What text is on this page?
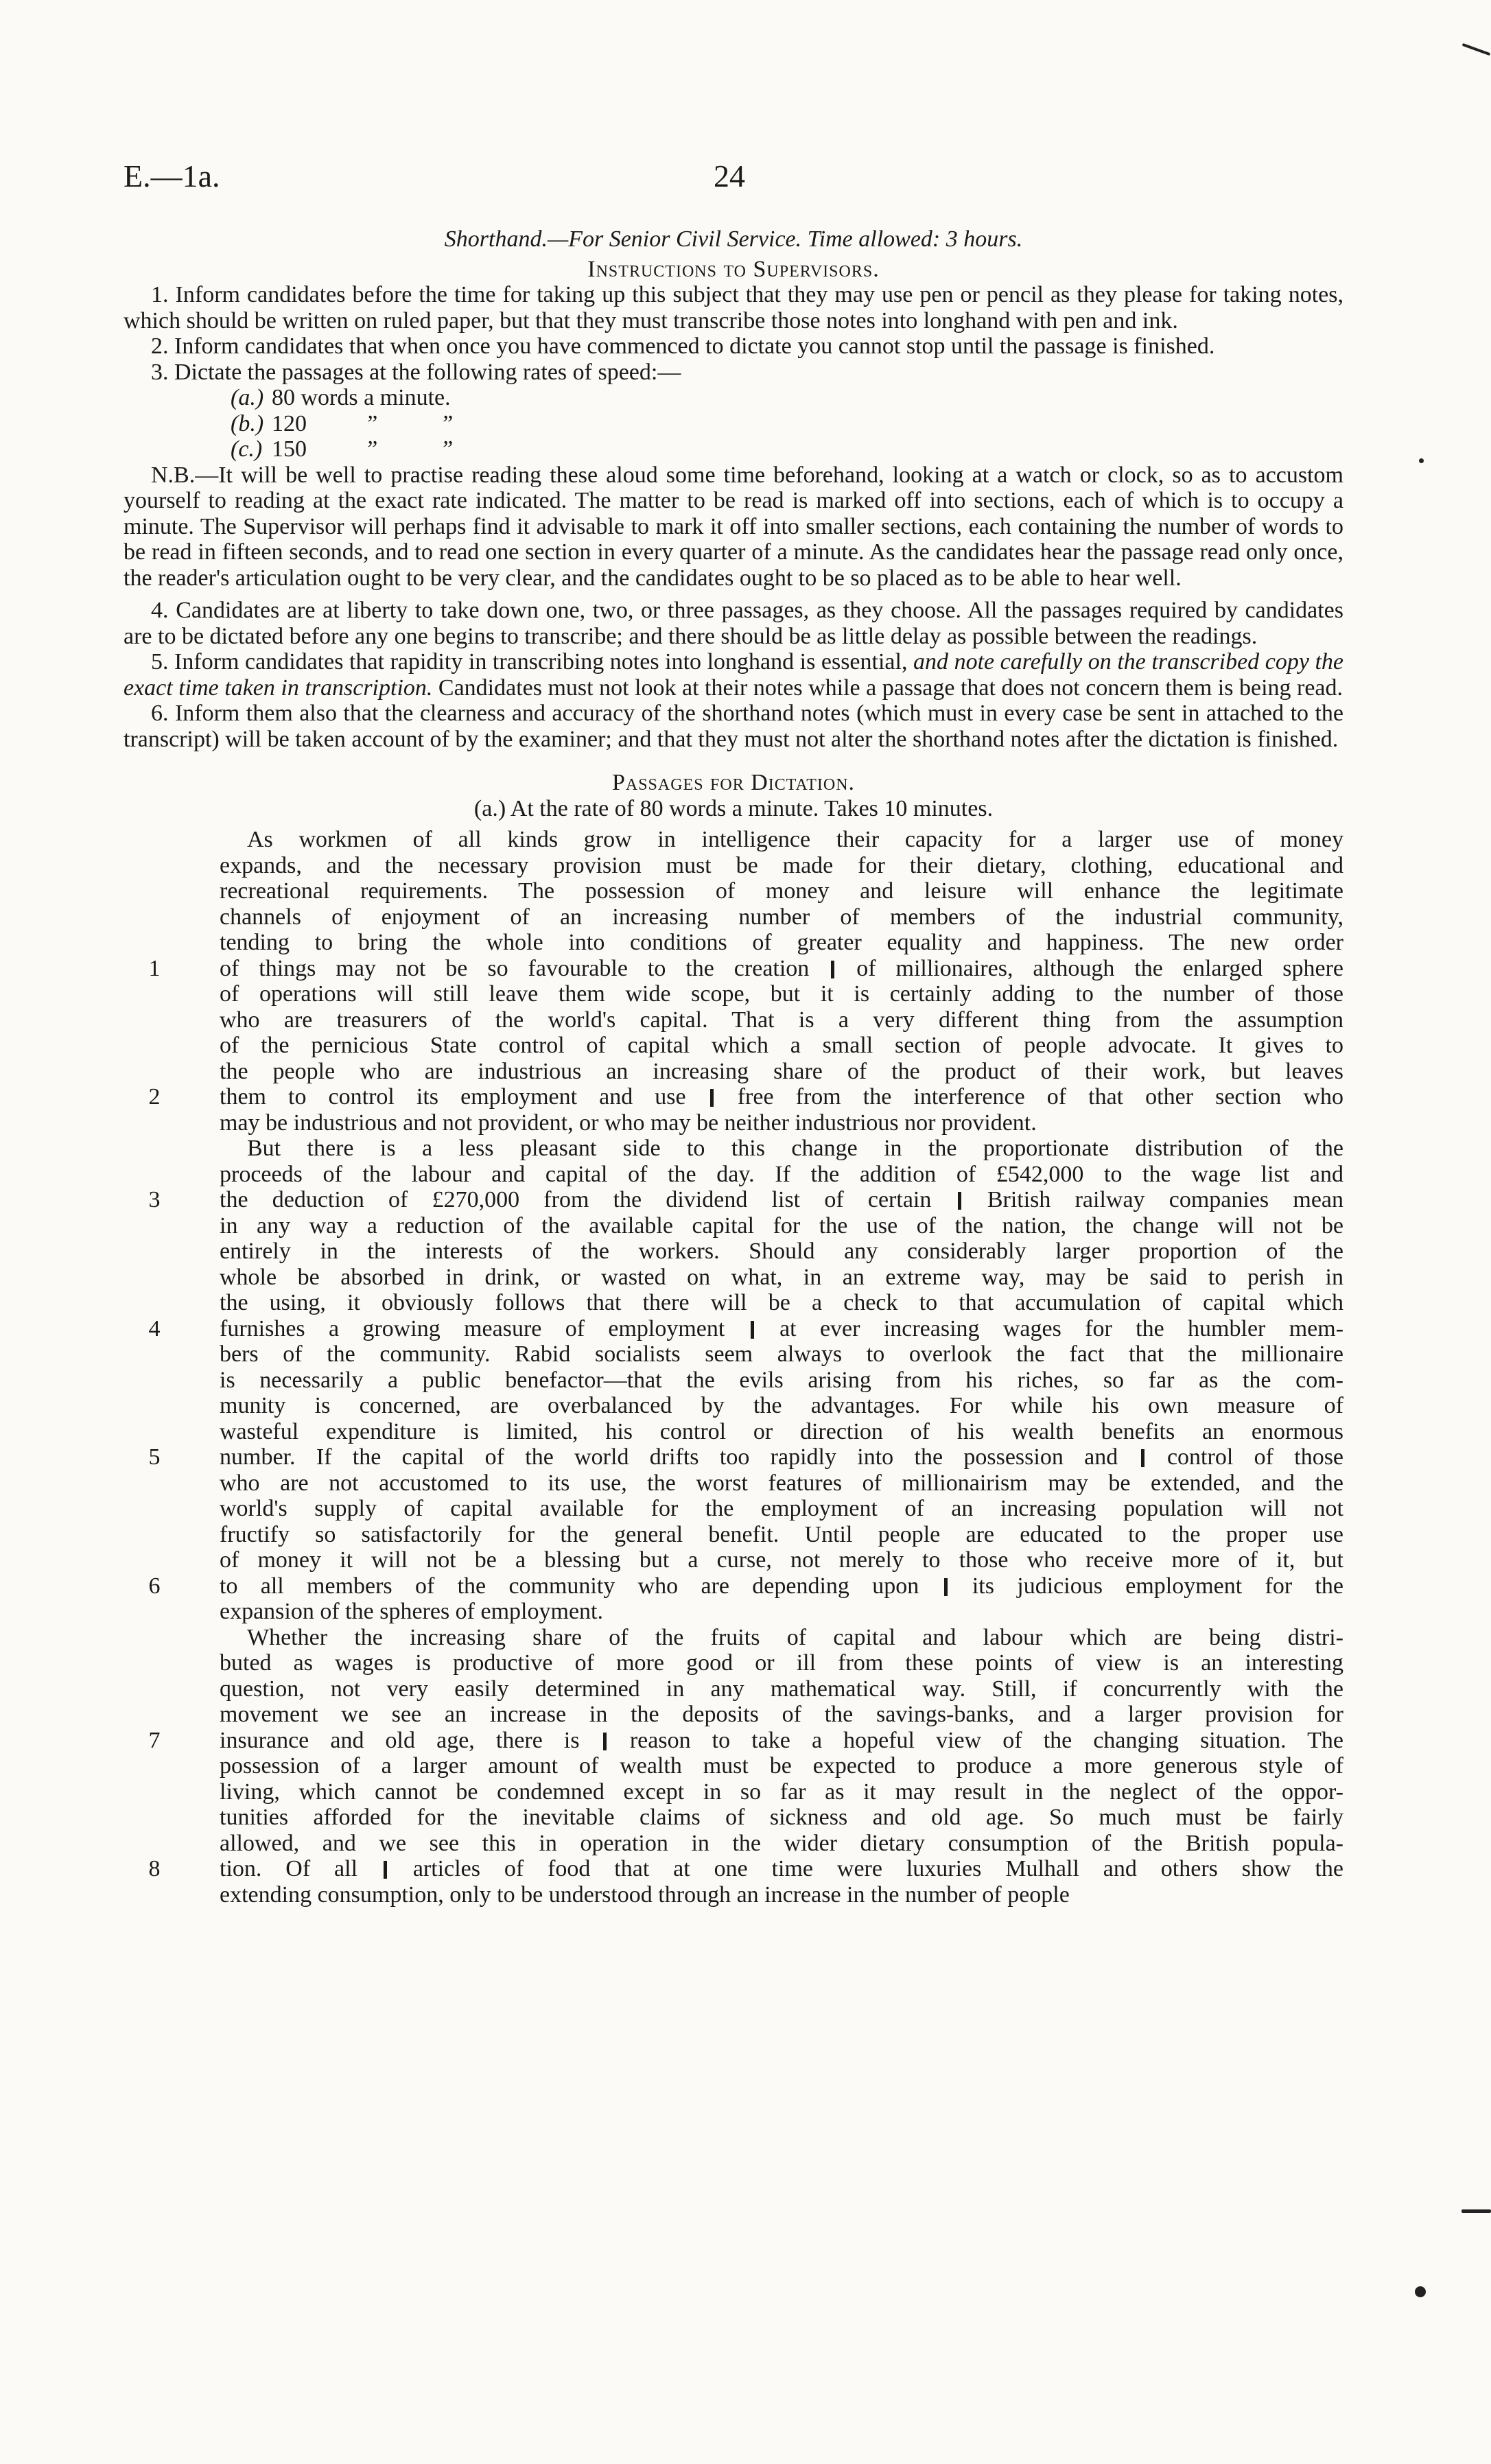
E.—1a.	24
Shorthand.—For Senior Civil Service. Time allowed: 3 hours.
Instructions to Supervisors.

1. Inform candidates before the time for taking up this subject that they may use pen or pencil as they please for taking notes, which should be written on ruled paper, but that they must transcribe those notes into longhand with pen and ink.

2. Inform candidates that when once you have commenced to dictate you cannot stop until the passage is finished.

3. Dictate the passages at the following rates of speed:—

(a.) 80 words a minute.
(b.) 120	”	”
(c.) 150	”	”

N.B.—It will be well to practise reading these aloud some time beforehand, looking at a watch or clock, so as to accustom yourself to reading at the exact rate indicated. The matter to be read is marked off into sections, each of which is to occupy a minute. The Supervisor will perhaps find it advisable to mark it off into smaller sections, each containing the number of words to be read in fifteen seconds, and to read one section in every quarter of a minute. As the candidates hear the passage read only once, the reader's articulation ought to be very clear, and the candidates ought to be so placed as to be able to hear well.

4. Candidates are at liberty to take down one, two, or three passages, as they choose. All the passages required by candidates are to be dictated before any one begins to transcribe; and there should be as little delay as possible between the readings.

5. Inform candidates that rapidity in transcribing notes into longhand is essential, and note carefully on the transcribed copy the exact time taken in transcription. Candidates must not look at their notes while a passage that does not concern them is being read.

6. Inform them also that the clearness and accuracy of the shorthand notes (which must in every case be sent in attached to the transcript) will be taken account of by the examiner; and that they must not alter the shorthand notes after the dictation is finished.

Passages for Dictation.
(a.) At the rate of 80 words a minute. Takes 10 minutes.
As workmen of all kinds grow in intelligence their capacity for a larger use of money
expands, and the necessary provision must be made for their dietary, clothing, educational and
recreational requirements. The possession of money and leisure will enhance the legitimate
channels of enjoyment of an increasing number of members of the industrial community,
tending to bring the whole into conditions of greater equality and happiness. The new order
1	of things may not be so favourable to the creation of millionaires, although the enlarged sphere
of operations will still leave them wide scope, but it is certainly adding to the number of those
who are treasurers of the world's capital. That is a very different thing from the assumption
of the pernicious State control of capital which a small section of people advocate. It gives to
the people who are industrious an increasing share of the product of their work, but leaves
2	them to control its employment and use free from the interference of that other section who
may be industrious and not provident, or who may be neither industrious nor provident.
But there is a less pleasant side to this change in the proportionate distribution of the
proceeds of the labour and capital of the day. If the addition of £542,000 to the wage list and
3	the deduction of £270,000 from the dividend list of certain British railway companies mean
in any way a reduction of the available capital for the use of the nation, the change will not be
entirely in the interests of the workers. Should any considerably larger proportion of the
whole be absorbed in drink, or wasted on what, in an extreme way, may be said to perish in
the using, it obviously follows that there will be a check to that accumulation of capital which
4	furnishes a growing measure of employment at ever increasing wages for the humbler mem-
bers of the community. Rabid socialists seem always to overlook the fact that the millionaire
is necessarily a public benefactor—that the evils arising from his riches, so far as the com-
munity is concerned, are overbalanced by the advantages. For while his own measure of
wasteful expenditure is limited, his control or direction of his wealth benefits an enormous
5	number. If the capital of the world drifts too rapidly into the possession and control of those
who are not accustomed to its use, the worst features of millionairism may be extended, and the
world's supply of capital available for the employment of an increasing population will not
fructify so satisfactorily for the general benefit. Until people are educated to the proper use
of money it will not be a blessing but a curse, not merely to those who receive more of it, but
6	to all members of the community who are depending upon its judicious employment for the
expansion of the spheres of employment.
Whether the increasing share of the fruits of capital and labour which are being distri-
buted as wages is productive of more good or ill from these points of view is an interesting
question, not very easily determined in any mathematical way. Still, if concurrently with the
movement we see an increase in the deposits of the savings-banks, and a larger provision for
7	insurance and old age, there is reason to take a hopeful view of the changing situation. The
possession of a larger amount of wealth must be expected to produce a more generous style of
living, which cannot be condemned except in so far as it may result in the neglect of the oppor-
tunities afforded for the inevitable claims of sickness and old age. So much must be fairly
allowed, and we see this in operation in the wider dietary consumption of the British popula-
8	tion. Of all articles of food that at one time were luxuries Mulhall and others show the
extending consumption, only to be understood through an increase in the number of people
